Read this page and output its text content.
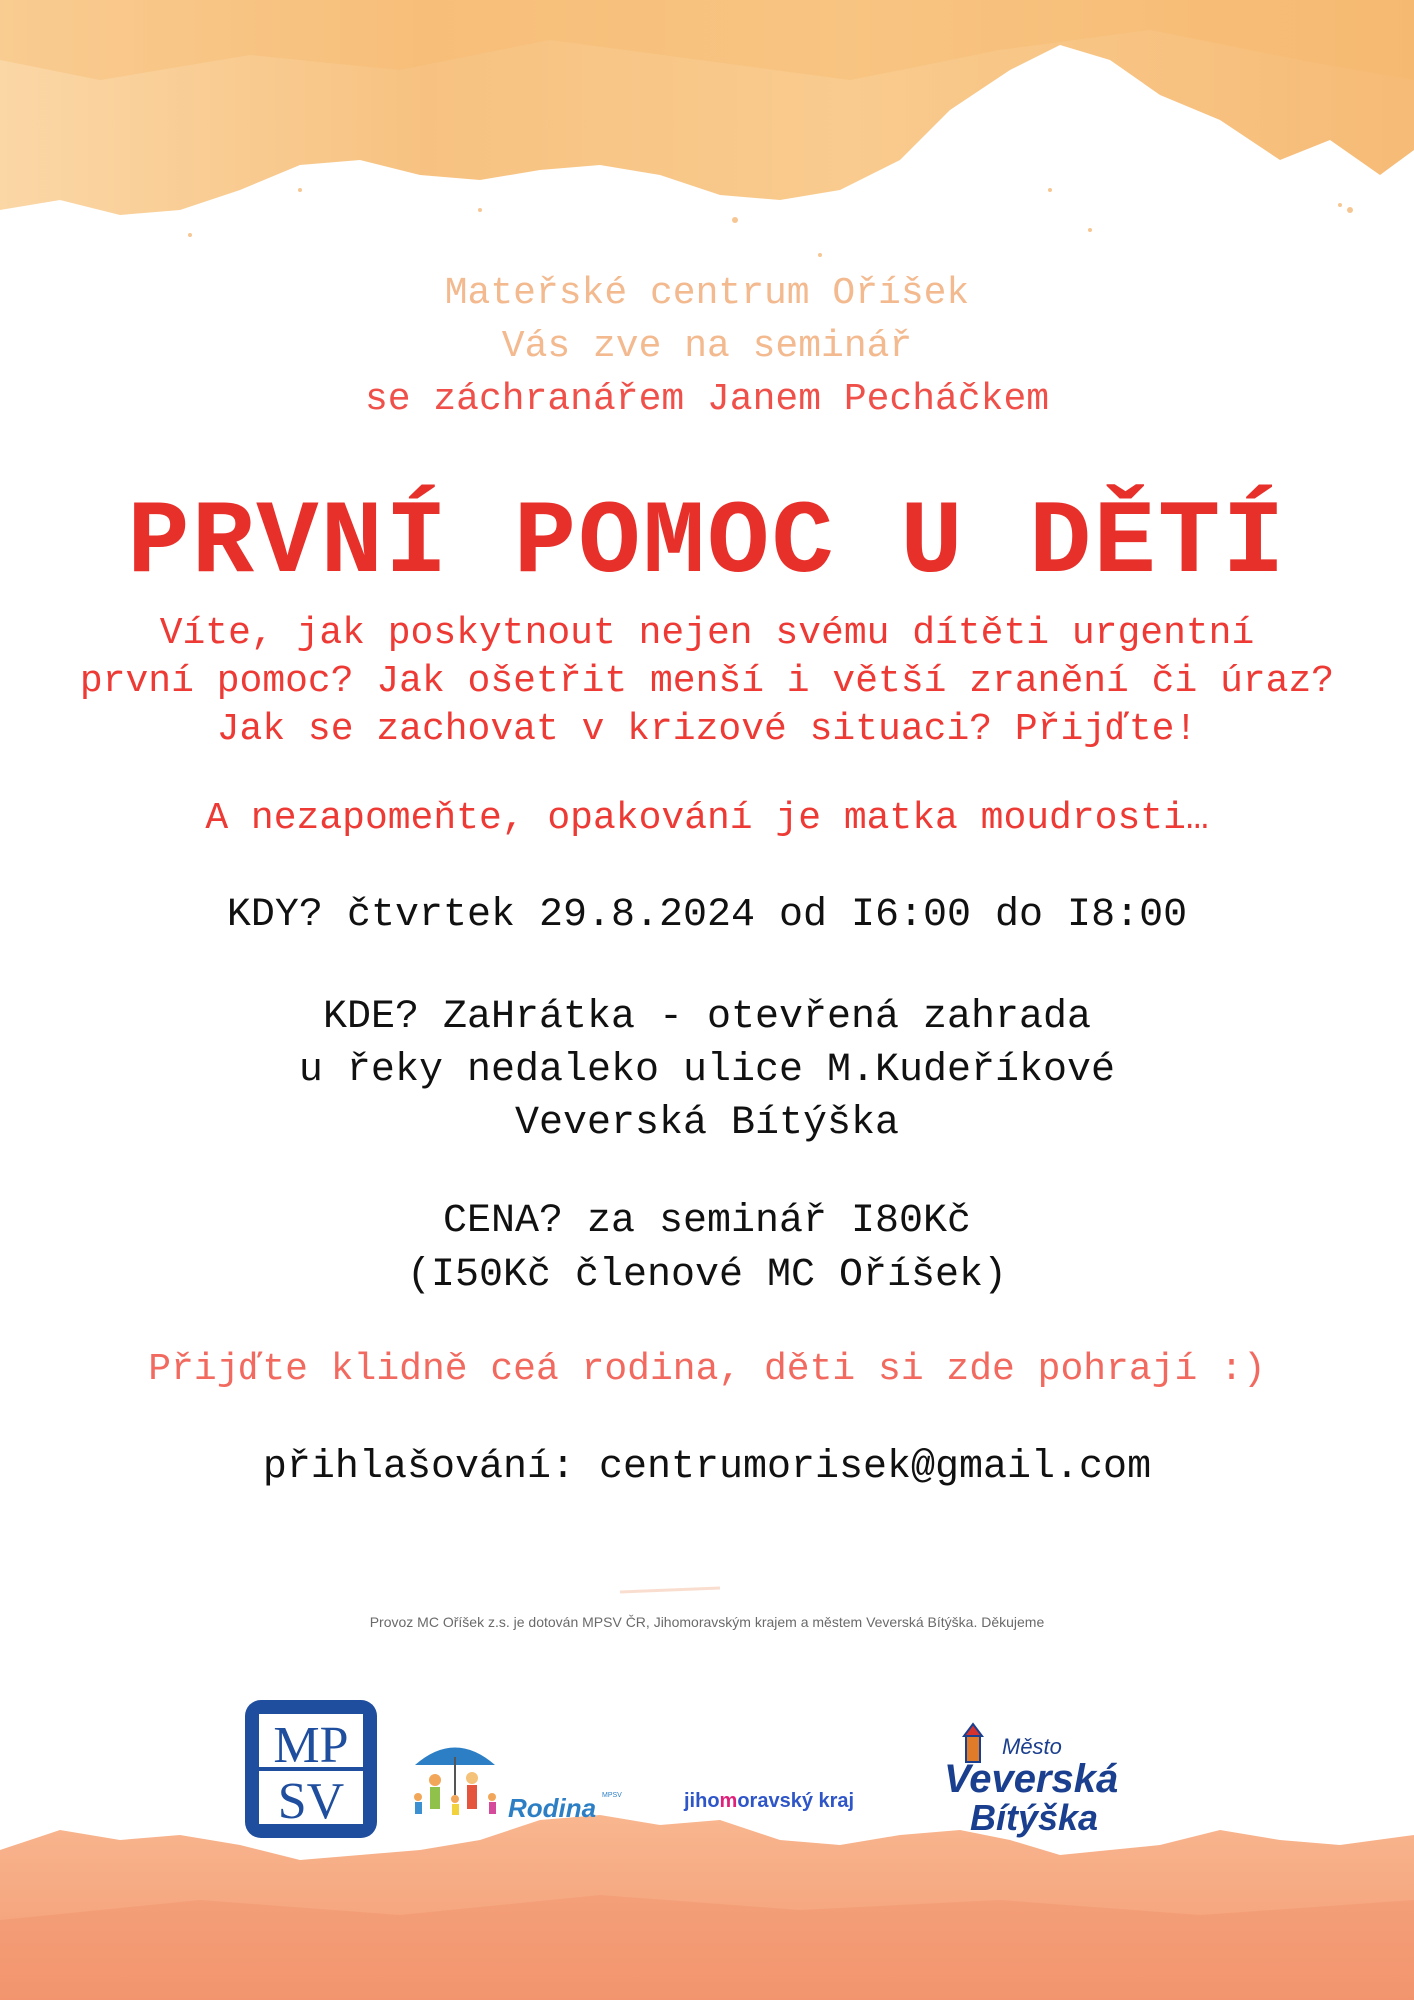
Mateřské centrum Oříšek
Vás zve na seminář
se záchranářem Janem Pecháčkem
PRVNÍ POMOC U DĚTÍ
Víte, jak poskytnout nejen svému dítěti urgentní
první pomoc? Jak ošetřit menší i větší zranění či úraz?
Jak se zachovat v krizové situaci? Přijďte!
A nezapomeňte, opakování je matka moudrosti…
KDY? čtvrtek 29.8.2024 od I6:00 do I8:00
KDE? ZaHrátka - otevřená zahrada
u řeky nedaleko ulice M.Kudeříkové
Veverská Bítýška
CENA? za seminář I80Kč
(I50Kč členové MC Oříšek)
Přijďte klidně ceá rodina, děti si zde pohrají :)
přihlašování: centrumorisek@gmail.com
Provoz MC Oříšek z.s. je dotován MPSV ČR, Jihomoravským krajem a městem Veverská Bítýška. Děkujeme
MP
SV	Rodina MPSV	jihomoravský kraj
Město
Veverská
Bítýška
